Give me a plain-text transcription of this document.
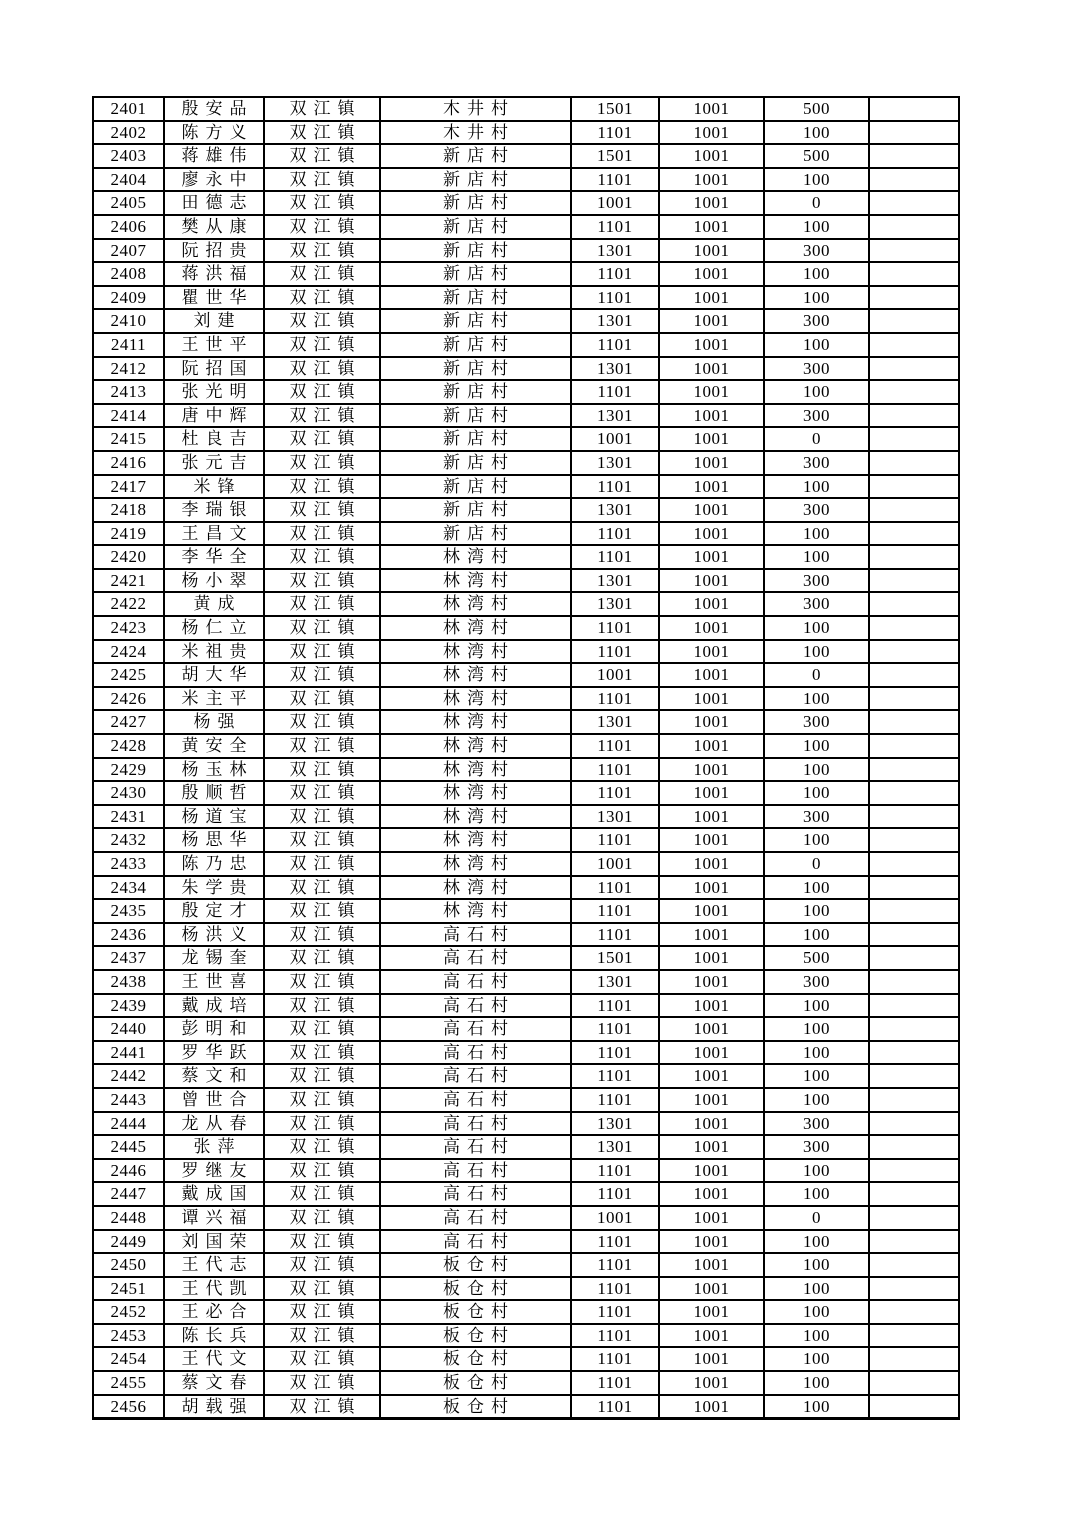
2401	殷安品	双江镇	木井村	1501	1001	500	
2402	陈方义	双江镇	木井村	1101	1001	100	
2403	蒋雄伟	双江镇	新店村	1501	1001	500	
2404	廖永中	双江镇	新店村	1101	1001	100	
2405	田德志	双江镇	新店村	1001	1001	0	
2406	樊从康	双江镇	新店村	1101	1001	100	
2407	阮招贵	双江镇	新店村	1301	1001	300	
2408	蒋洪福	双江镇	新店村	1101	1001	100	
2409	瞿世华	双江镇	新店村	1101	1001	100	
2410	刘建	双江镇	新店村	1301	1001	300	
2411	王世平	双江镇	新店村	1101	1001	100	
2412	阮招国	双江镇	新店村	1301	1001	300	
2413	张光明	双江镇	新店村	1101	1001	100	
2414	唐中辉	双江镇	新店村	1301	1001	300	
2415	杜良吉	双江镇	新店村	1001	1001	0	
2416	张元吉	双江镇	新店村	1301	1001	300	
2417	米锋	双江镇	新店村	1101	1001	100	
2418	李瑞银	双江镇	新店村	1301	1001	300	
2419	王昌文	双江镇	新店村	1101	1001	100	
2420	李华全	双江镇	林湾村	1101	1001	100	
2421	杨小翠	双江镇	林湾村	1301	1001	300	
2422	黄成	双江镇	林湾村	1301	1001	300	
2423	杨仁立	双江镇	林湾村	1101	1001	100	
2424	米祖贵	双江镇	林湾村	1101	1001	100	
2425	胡大华	双江镇	林湾村	1001	1001	0	
2426	米主平	双江镇	林湾村	1101	1001	100	
2427	杨强	双江镇	林湾村	1301	1001	300	
2428	黄安全	双江镇	林湾村	1101	1001	100	
2429	杨玉林	双江镇	林湾村	1101	1001	100	
2430	殷顺哲	双江镇	林湾村	1101	1001	100	
2431	杨道宝	双江镇	林湾村	1301	1001	300	
2432	杨思华	双江镇	林湾村	1101	1001	100	
2433	陈乃忠	双江镇	林湾村	1001	1001	0	
2434	朱学贵	双江镇	林湾村	1101	1001	100	
2435	殷定才	双江镇	林湾村	1101	1001	100	
2436	杨洪义	双江镇	高石村	1101	1001	100	
2437	龙锡奎	双江镇	高石村	1501	1001	500	
2438	王世喜	双江镇	高石村	1301	1001	300	
2439	戴成培	双江镇	高石村	1101	1001	100	
2440	彭明和	双江镇	高石村	1101	1001	100	
2441	罗华跃	双江镇	高石村	1101	1001	100	
2442	蔡文和	双江镇	高石村	1101	1001	100	
2443	曾世合	双江镇	高石村	1101	1001	100	
2444	龙从春	双江镇	高石村	1301	1001	300	
2445	张萍	双江镇	高石村	1301	1001	300	
2446	罗继友	双江镇	高石村	1101	1001	100	
2447	戴成国	双江镇	高石村	1101	1001	100	
2448	谭兴福	双江镇	高石村	1001	1001	0	
2449	刘国荣	双江镇	高石村	1101	1001	100	
2450	王代志	双江镇	板仓村	1101	1001	100	
2451	王代凯	双江镇	板仓村	1101	1001	100	
2452	王必合	双江镇	板仓村	1101	1001	100	
2453	陈长兵	双江镇	板仓村	1101	1001	100	
2454	王代文	双江镇	板仓村	1101	1001	100	
2455	蔡文春	双江镇	板仓村	1101	1001	100	
2456	胡载强	双江镇	板仓村	1101	1001	100	
